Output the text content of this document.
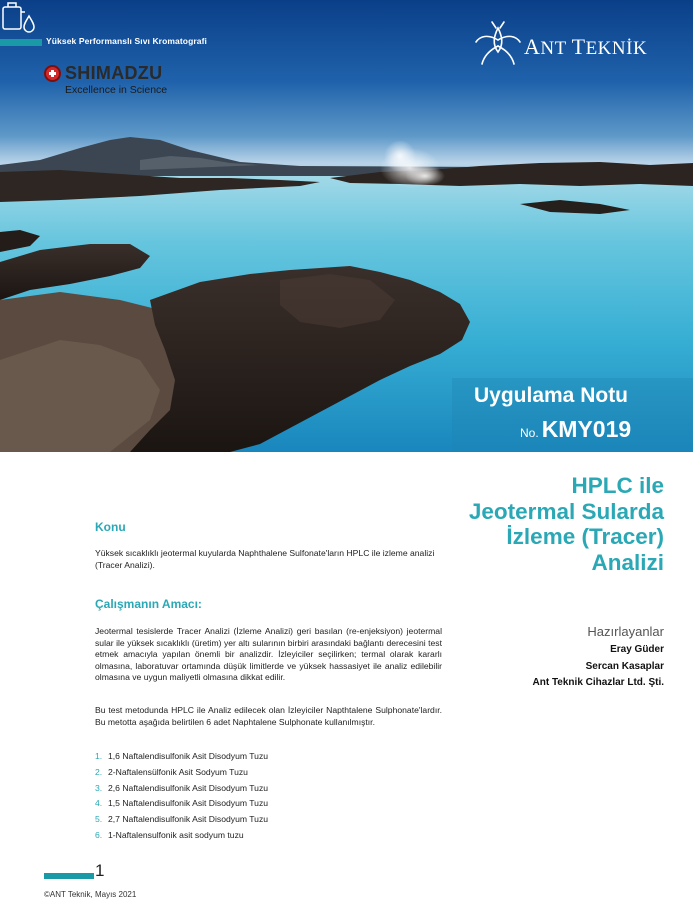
Yüksek Performanslı Sıvı Kromatografi
SHIMADZU
Excellence in Science
ANT TEKNİK
Uygulama Notu
No. KMY019
HPLC ile
Jeotermal Sularda
İzleme (Tracer)
Analizi
Hazırlayanlar
Eray Güder
Sercan Kasaplar
Ant Teknik Cihazlar Ltd. Şti.
Konu
Yüksek sıcaklıklı jeotermal kuyularda Naphthalene Sulfonate'ların HPLC ile izleme analizi (Tracer Analizi).
Çalışmanın Amacı:
Jeotermal tesislerde Tracer Analizi (İzleme Analizi) geri basılan (re-enjeksiyon) jeotermal sular ile yüksek sıcaklıklı (üretim) yer altı sularının birbiri arasındaki bağlantı derecesini test etmek amacıyla yapılan önemli bir analizdir. İzleyiciler seçilirken; termal olarak kararlı olmasına, laboratuvar ortamında düşük limitlerde ve yüksek hassasiyet ile analiz edilebilir olmasına ve uygun maliyetli olmasına dikkat edilir.
Bu test metodunda HPLC ile Analiz edilecek olan İzleyiciler Napthtalene Sulphonate'lardır. Bu metotta aşağıda belirtilen 6 adet Naphtalene Sulphonate kullanılmıştır.
1. 1,6 Naftalendisulfonik Asit Disodyum Tuzu
2. 2-Naftalensülfonik Asit Sodyum Tuzu
3. 2,6 Naftalendisulfonik Asit Disodyum Tuzu
4. 1,5 Naftalendisulfonik Asit Disodyum Tuzu
5. 2,7 Naftalendisulfonik Asit Disodyum Tuzu
6. 1-Naftalensulfonik asit sodyum tuzu
1
©ANT Teknik, Mayıs 2021
